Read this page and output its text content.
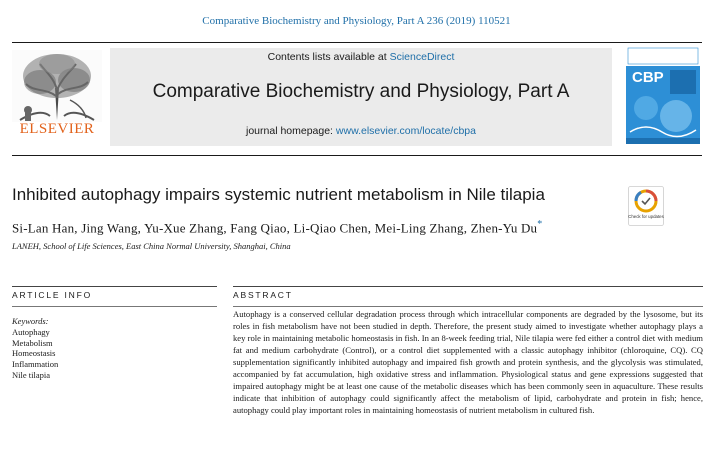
Comparative Biochemistry and Physiology, Part A 236 (2019) 110521
ELSEVIER
Contents lists available at ScienceDirect
Comparative Biochemistry and Physiology, Part A
journal homepage: www.elsevier.com/locate/cbpa
CBP
Inhibited autophagy impairs systemic nutrient metabolism in Nile tilapia
Si-Lan Han, Jing Wang, Yu-Xue Zhang, Fang Qiao, Li-Qiao Chen, Mei-Ling Zhang, Zhen-Yu Du*
LANEH, School of Life Sciences, East China Normal University, Shanghai, China
Check for updates
ARTICLE INFO	ABSTRACT
Keywords:
Autophagy
Metabolism
Homeostasis
Inflammation
Nile tilapia
Autophagy is a conserved cellular degradation process through which intracellular components are degraded by the lysosome, but its roles in fish metabolism have not been studied in depth. Therefore, the present study aimed to investigate whether autophagy plays a key role in maintaining metabolic homeostasis in fish. In an 8-week feeding trial, Nile tilapia were fed either a control diet with medium fat and medium carbohydrate (Control), or a control diet supplemented with a classic autophagy inhibitor (chloroquine, CQ). CQ supplementation significantly inhibited autophagy and impaired fish growth and protein synthesis, and the glycolysis was stimulated, accompanied by fat accumulation, high oxidative stress and inflammation. Physiological status and gene expressions suggested that impaired autophagy might be at least one cause of the metabolic diseases which has been commonly seen in aquaculture. These results indicate that inhibition of autophagy could significantly affect the metabolism of lipid, carbohydrate and protein in fish; hence, autophagy could play important roles in maintaining homeostasis of nutrient metabolism in cultured fish.
